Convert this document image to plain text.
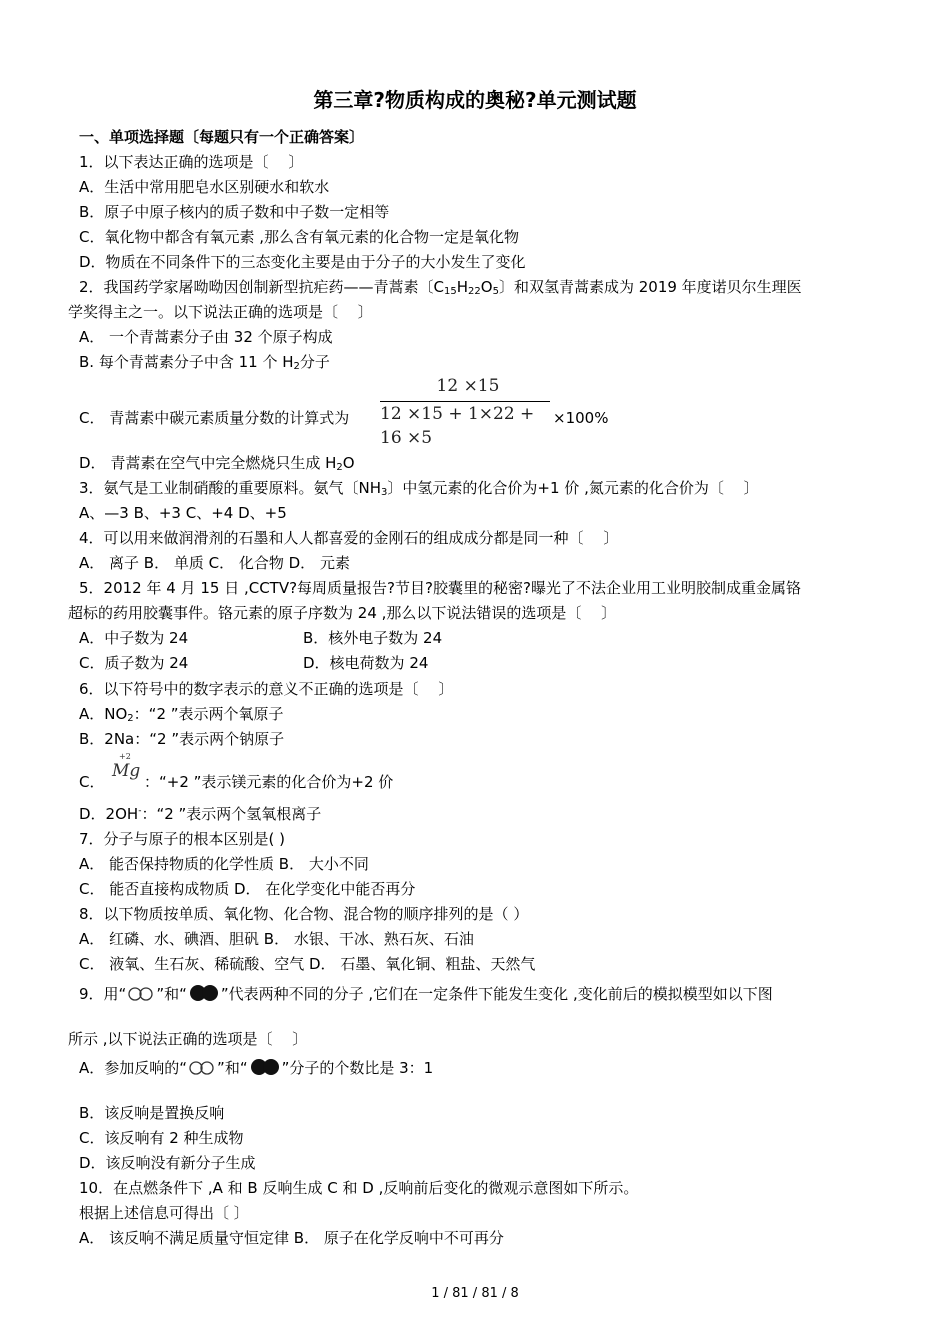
第三章?物质构成的奥秘?单元测试题
一、单项选择题〔每题只有一个正确答案〕
1．以下表达正确的选项是〔　 〕
A．生活中常用肥皂水区别硬水和软水
B．原子中原子核内的质子数和中子数一定相等
C．氧化物中都含有氧元素 ,那么含有氧元素的化合物一定是氧化物
D．物质在不同条件下的三态变化主要是由于分子的大小发生了变化
2．我国药学家屠呦呦因创制新型抗疟药——青蒿素〔$C_{15}H_{22}O_5$〕和双氢青蒿素成为 2019 年度诺贝尔生理医
学奖得主之一。以下说法正确的选项是〔　 〕
A． 一个青蒿素分子由 32 个原子构成
B. 每个青蒿素分子中含 11 个 $H_2$分子
C． 青蒿素中碳元素质量分数的计算式为
12 ×15
12 ×15 + 1×22 + 16 ×5
×100%
D． 青蒿素在空气中完全燃烧只生成 $H_2O$
3．氨气是工业制硝酸的重要原料。氨气〔$NH_3$〕中氢元素的化合价为+1 价 ,氮元素的化合价为〔　 〕
A、—3 B、+3 C、+4 D、+5
4．可以用来做润滑剂的石墨和人人都喜爱的金刚石的组成成分都是同一种〔　 〕
A． 离子 B． 单质 C． 化合物 D． 元素
5．2012 年 4 月 15 日 ,CCTV?每周质量报告?节目?胶囊里的秘密?曝光了不法企业用工业明胶制成重金属铬
超标的药用胶囊事件。铬元素的原子序数为 24 ,那么以下说法错误的选项是〔　 〕
A．中子数为 24	B．核外电子数为 24
C．质子数为 24	D．核电荷数为 24
6．以下符号中的数字表示的意义不正确的选项是〔　 〕
A．$NO_2$：“2 ”表示两个氧原子
B．2Na：“2 ”表示两个钠原子
C．
+2
Mg
：“+2 ”表示镁元素的化合价为+2 价
D．2OH-：“2 ”表示两个氢氧根离子
7．分子与原子的根本区别是( )
A． 能否保持物质的化学性质 B． 大小不同
C． 能否直接构成物质 D． 在化学变化中能否再分
8．以下物质按单质、氧化物、化合物、混合物的顺序排列的是（ ）
A． 红磷、水、碘酒、胆矾 B． 水银、干冰、熟石灰、石油
C． 液氧、生石灰、稀硫酸、空气 D． 石墨、氧化铜、粗盐、天然气
9．用“ ”和“ ”代表两种不同的分子 ,它们在一定条件下能发生变化 ,变化前后的模拟模型如以下图
所示 ,以下说法正确的选项是〔　 〕
A．参加反响的“ ”和“ ”分子的个数比是 3：1
B．该反响是置换反响
C．该反响有 2 种生成物
D．该反响没有新分子生成
10．在点燃条件下 ,A 和 B 反响生成 C 和 D ,反响前后变化的微观示意图如下所示。
根据上述信息可得出〔 〕
A． 该反响不满足质量守恒定律 B． 原子在化学反响中不可再分
1 / 81 / 81 / 8
